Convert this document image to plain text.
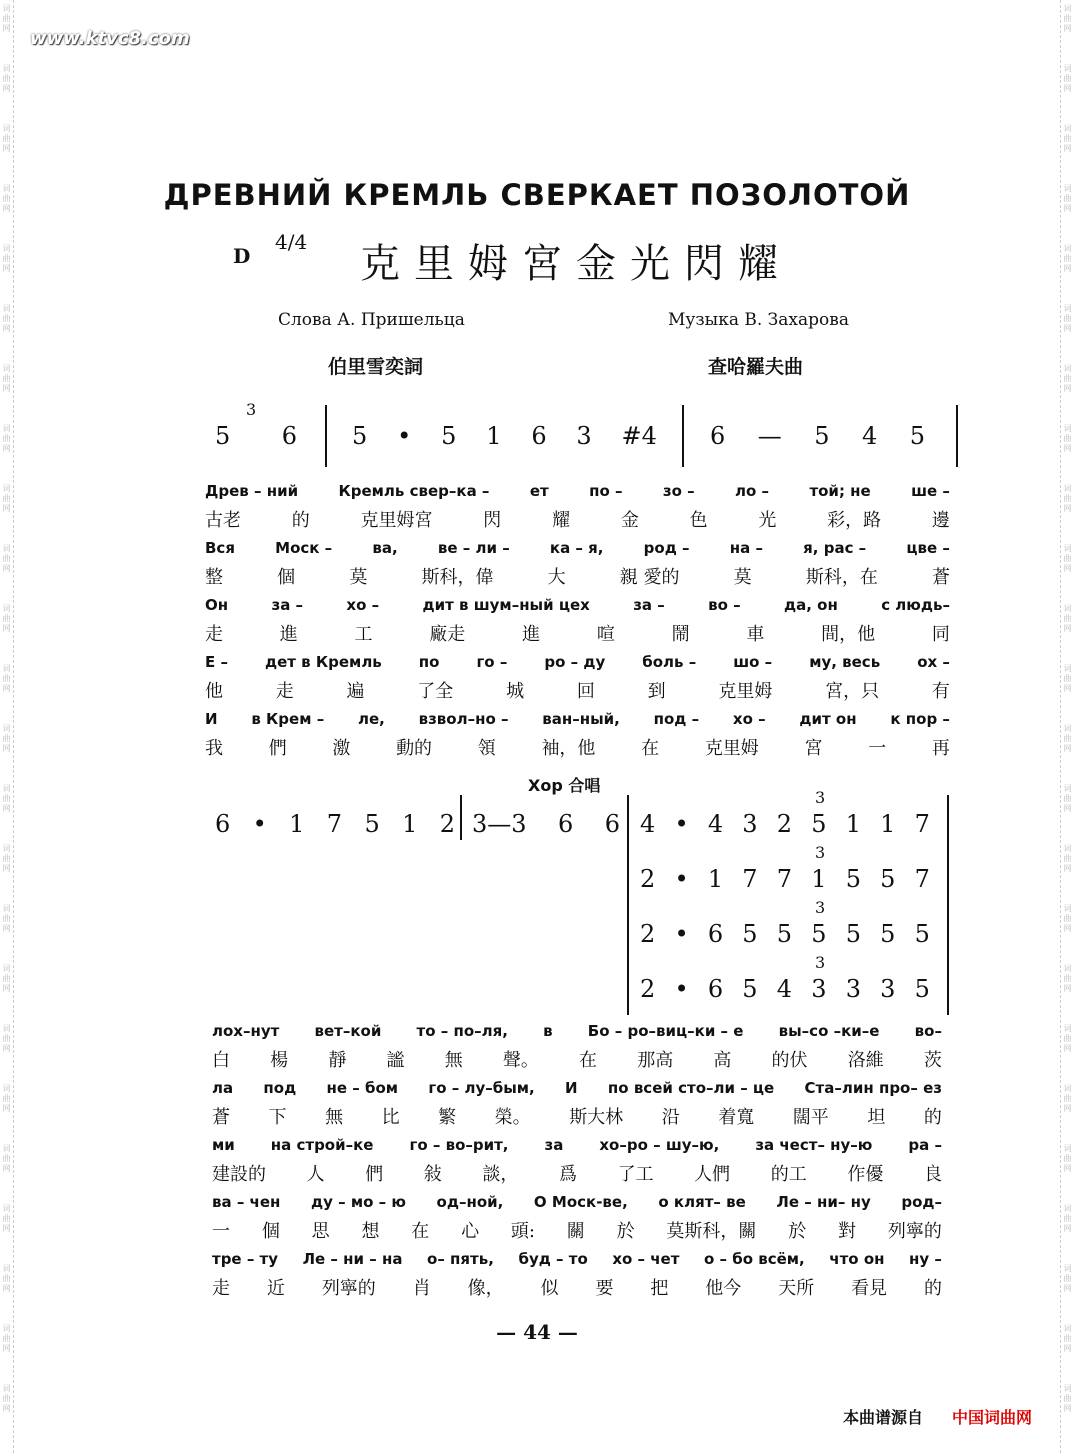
词
曲
网
词
曲
网
词
曲
网
词
曲
网
词
曲
网
词
曲
网
词
曲
网
词
曲
网
词
曲
网
词
曲
网
词
曲
网
词
曲
网
词
曲
网
词
曲
网
词
曲
网
词
曲
网
词
曲
网
词
曲
网
词
曲
网
词
曲
网
词
曲
网
词
曲
网
词
曲
网
词
曲
网
词
曲
网
词
曲
网
词
曲
网
词
曲
网
词
曲
网
词
曲
网
词
曲
网
词
曲
网
词
曲
网
词
曲
网
词
曲
网
词
曲
网
词
曲
网
词
曲
网
词
曲
网
词
曲
网
词
曲
网
词
曲
网
词
曲
网
词
曲
网
词
曲
网
词
曲
网
词
曲
网
词
曲
网
www.ktvc8.com
ДРЕВНИЙ КРЕМЛЬ СВЕРКАЕТ ПОЗОЛОТОЙ
D
4/4 克里姆宮金光閃耀
Слова А. Пришельца	Музыка В. Захарова
伯里雪奕詞	查哈羅夫曲
3
5 6 5 • 5 1 6 3 #4 6 — 5 4 5
Древ – ний	Кремль свер–ка –	ет	по –	зо –	ло –	той; не	ше –
古老	的	克里姆宮	閃	耀	金	色	光	彩，路	邊
Вся	Моск –	ва,	ве – ли –	ка – я,	род –	на –	я, рас –	цве –
整	個	莫	斯科，偉	大	親 愛的	莫	斯科，在	蒼
Он	за –	хо –	дит в шум–ный цех	за –	во –	да, он	с людь–
走	進	工	廠走	進	喧	鬧	車	間，他	同
Е – дет в Кремль по го – ро – ду боль – шо – му, весь ох –
他	走	遍	了全	城	回	到	克里姆	宮，只	有
И в Крем – ле, взвол–но – ван–ный, под – хо – дит он к пор –
我	們	激	動的	領	袖，他	在	克里姆	宮	一	再
Хор 合唱
6 • 1 7 5 1 2 3—3 6 6 4 • 4 3 2 5 1 1 7
3
2 • 1 7 7 1 5 5 7
3
2 • 6 5 5 5 5 5 5
3
2 • 6 5 4 3 3 3 5
3
лох–нут вет–кой то – по–ля, в Бо – ро–виц–ки – е вы–со –ки–е во–
白 楊 靜 謐 無 聲。 在 那高 高 的伏 洛維 茨
ла под не – бом го – лу–бым, И по всей сто–ли – це Ста–лин про– ез
蒼 下 無 比 繁 榮。 斯大林 沿 着寬 闊平 坦 的
ми на строй–ке го – во–рит, за хо–ро – шу–ю, за чест– ну–ю ра –
建設的 人 們 敍 談， 爲 了工 人們 的工 作優 良
ва – чен ду – мо – ю од–ной, О Моск-ве, о клят– ве Ле – ни– ну род–
一 個 思 想 在 心 頭: 關 於 莫斯科，關 於 對 列寧的
тре – ту Ле – ни – на о– пять, буд – то хо – чет о – бо всём, что он ну –
走 近 列寧的 肖 像， 似 要 把 他今 天所 看見 的
— 44 —
本曲谱源自 中国词曲网
